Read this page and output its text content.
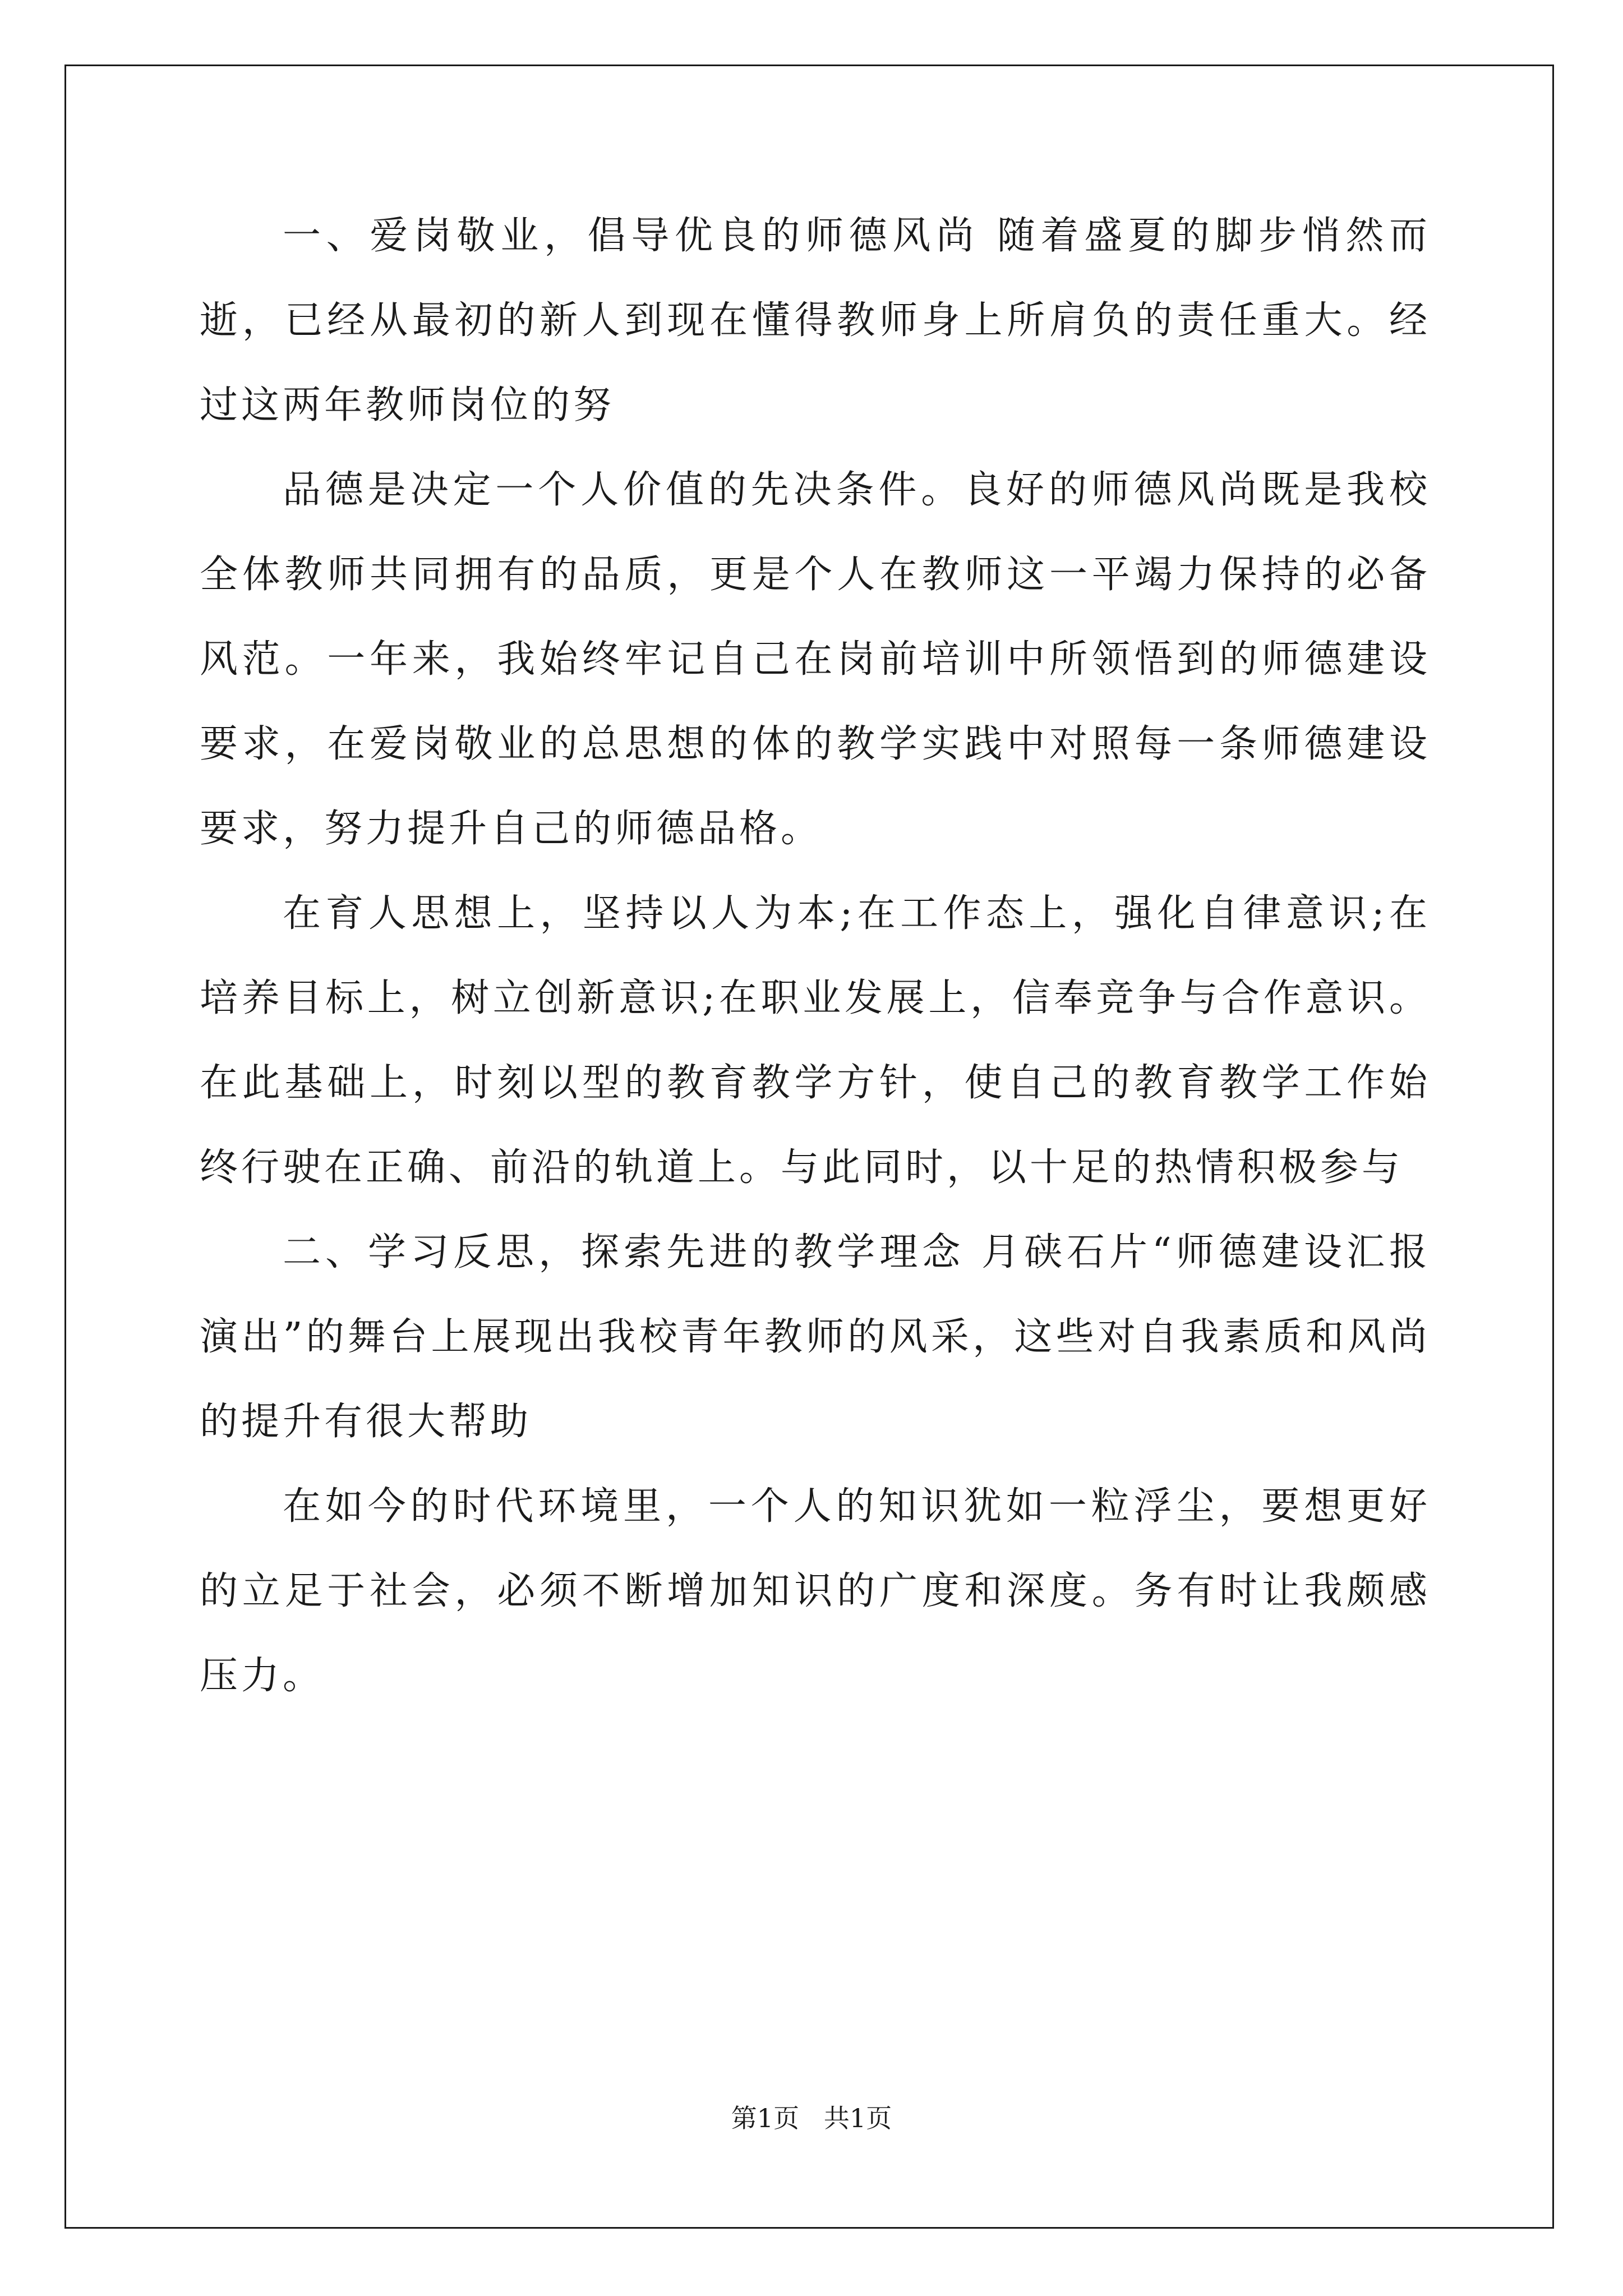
一、爱岗敬业，倡导优良的师德风尚 随着盛夏的脚步悄然而逝，已经从最初的新人到现在懂得教师身上所肩负的责任重大。经过这两年教师岗位的努

品德是决定一个人价值的先决条件。良好的师德风尚既是我校全体教师共同拥有的品质，更是个人在教师这一平竭力保持的必备风范。一年来，我始终牢记自己在岗前培训中所领悟到的师德建设要求，在爱岗敬业的总思想的体的教学实践中对照每一条师德建设要求，努力提升自己的师德品格。

在育人思想上，坚持以人为本;在工作态上，强化自律意识;在培养目标上，树立创新意识;在职业发展上，信奉竞争与合作意识。在此基础上，时刻以型的教育教学方针，使自己的教育教学工作始终行驶在正确、前沿的轨道上。与此同时，以十足的热情积极参与

二、学习反思，探索先进的教学理念 月硖石片“师德建设汇报演出”的舞台上展现出我校青年教师的风采，这些对自我素质和风尚的提升有很大帮助

在如今的时代环境里，一个人的知识犹如一粒浮尘，要想更好的立足于社会，必须不断增加知识的广度和深度。务有时让我颇感压力。

第1页   共1页
